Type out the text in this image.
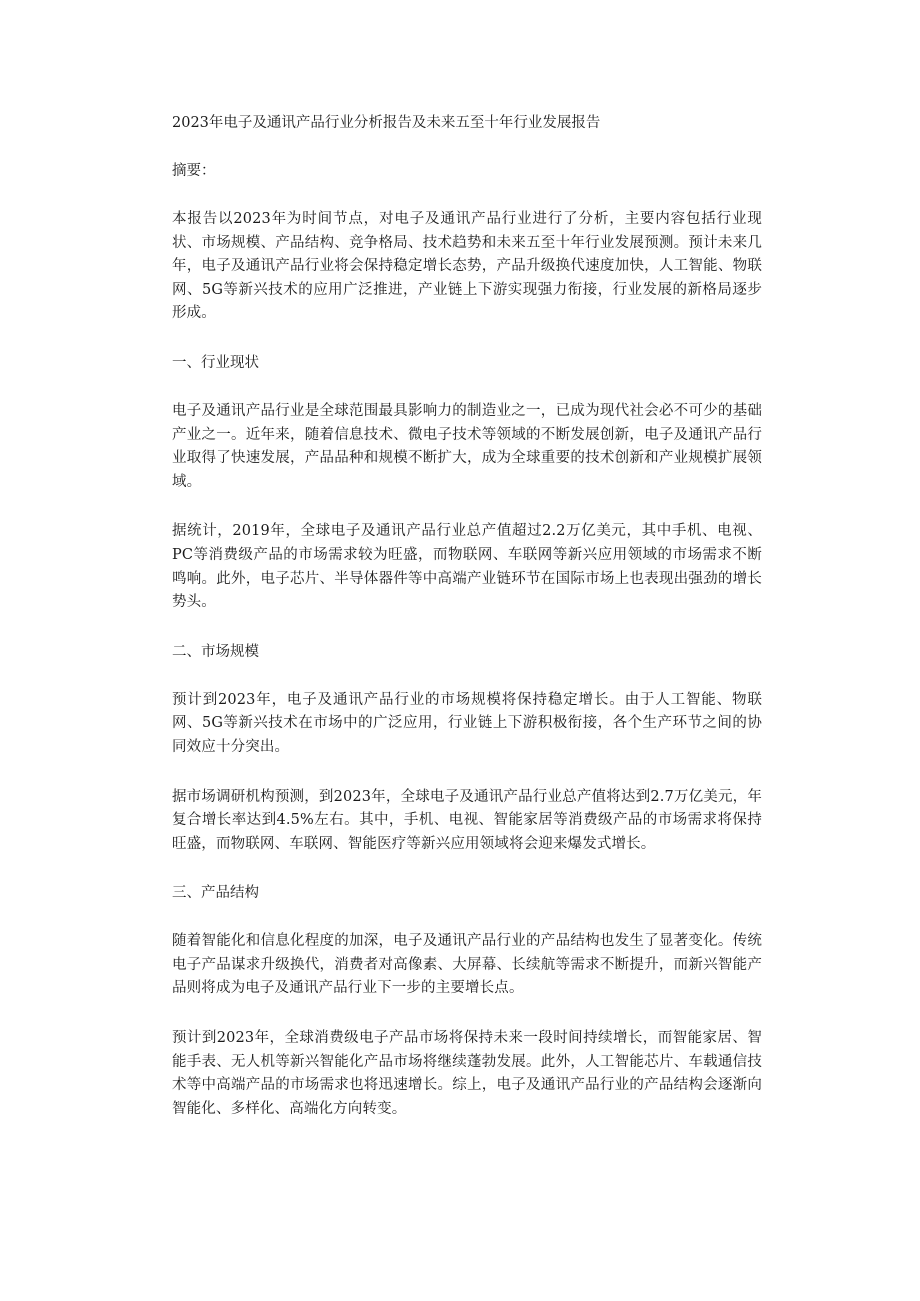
2023年电子及通讯产品行业分析报告及未来五至十年行业发展报告

摘要：

本报告以2023年为时间节点，对电子及通讯产品行业进行了分析，主要内容包括行业现状、市场规模、产品结构、竞争格局、技术趋势和未来五至十年行业发展预测。预计未来几年，电子及通讯产品行业将会保持稳定增长态势，产品升级换代速度加快，人工智能、物联网、5G等新兴技术的应用广泛推进，产业链上下游实现强力衔接，行业发展的新格局逐步形成。

一、行业现状

电子及通讯产品行业是全球范围最具影响力的制造业之一，已成为现代社会必不可少的基础产业之一。近年来，随着信息技术、微电子技术等领域的不断发展创新，电子及通讯产品行业取得了快速发展，产品品种和规模不断扩大，成为全球重要的技术创新和产业规模扩展领域。

据统计，2019年，全球电子及通讯产品行业总产值超过2.2万亿美元，其中手机、电视、PC等消费级产品的市场需求较为旺盛，而物联网、车联网等新兴应用领域的市场需求不断鸣响。此外，电子芯片、半导体器件等中高端产业链环节在国际市场上也表现出强劲的增长势头。

二、市场规模

预计到2023年，电子及通讯产品行业的市场规模将保持稳定增长。由于人工智能、物联网、5G等新兴技术在市场中的广泛应用，行业链上下游积极衔接，各个生产环节之间的协同效应十分突出。

据市场调研机构预测，到2023年，全球电子及通讯产品行业总产值将达到2.7万亿美元，年复合增长率达到4.5%左右。其中，手机、电视、智能家居等消费级产品的市场需求将保持旺盛，而物联网、车联网、智能医疗等新兴应用领域将会迎来爆发式增长。

三、产品结构

随着智能化和信息化程度的加深，电子及通讯产品行业的产品结构也发生了显著变化。传统电子产品谋求升级换代，消费者对高像素、大屏幕、长续航等需求不断提升，而新兴智能产品则将成为电子及通讯产品行业下一步的主要增长点。

预计到2023年，全球消费级电子产品市场将保持未来一段时间持续增长，而智能家居、智能手表、无人机等新兴智能化产品市场将继续蓬勃发展。此外，人工智能芯片、车载通信技术等中高端产品的市场需求也将迅速增长。综上，电子及通讯产品行业的产品结构会逐渐向智能化、多样化、高端化方向转变。
